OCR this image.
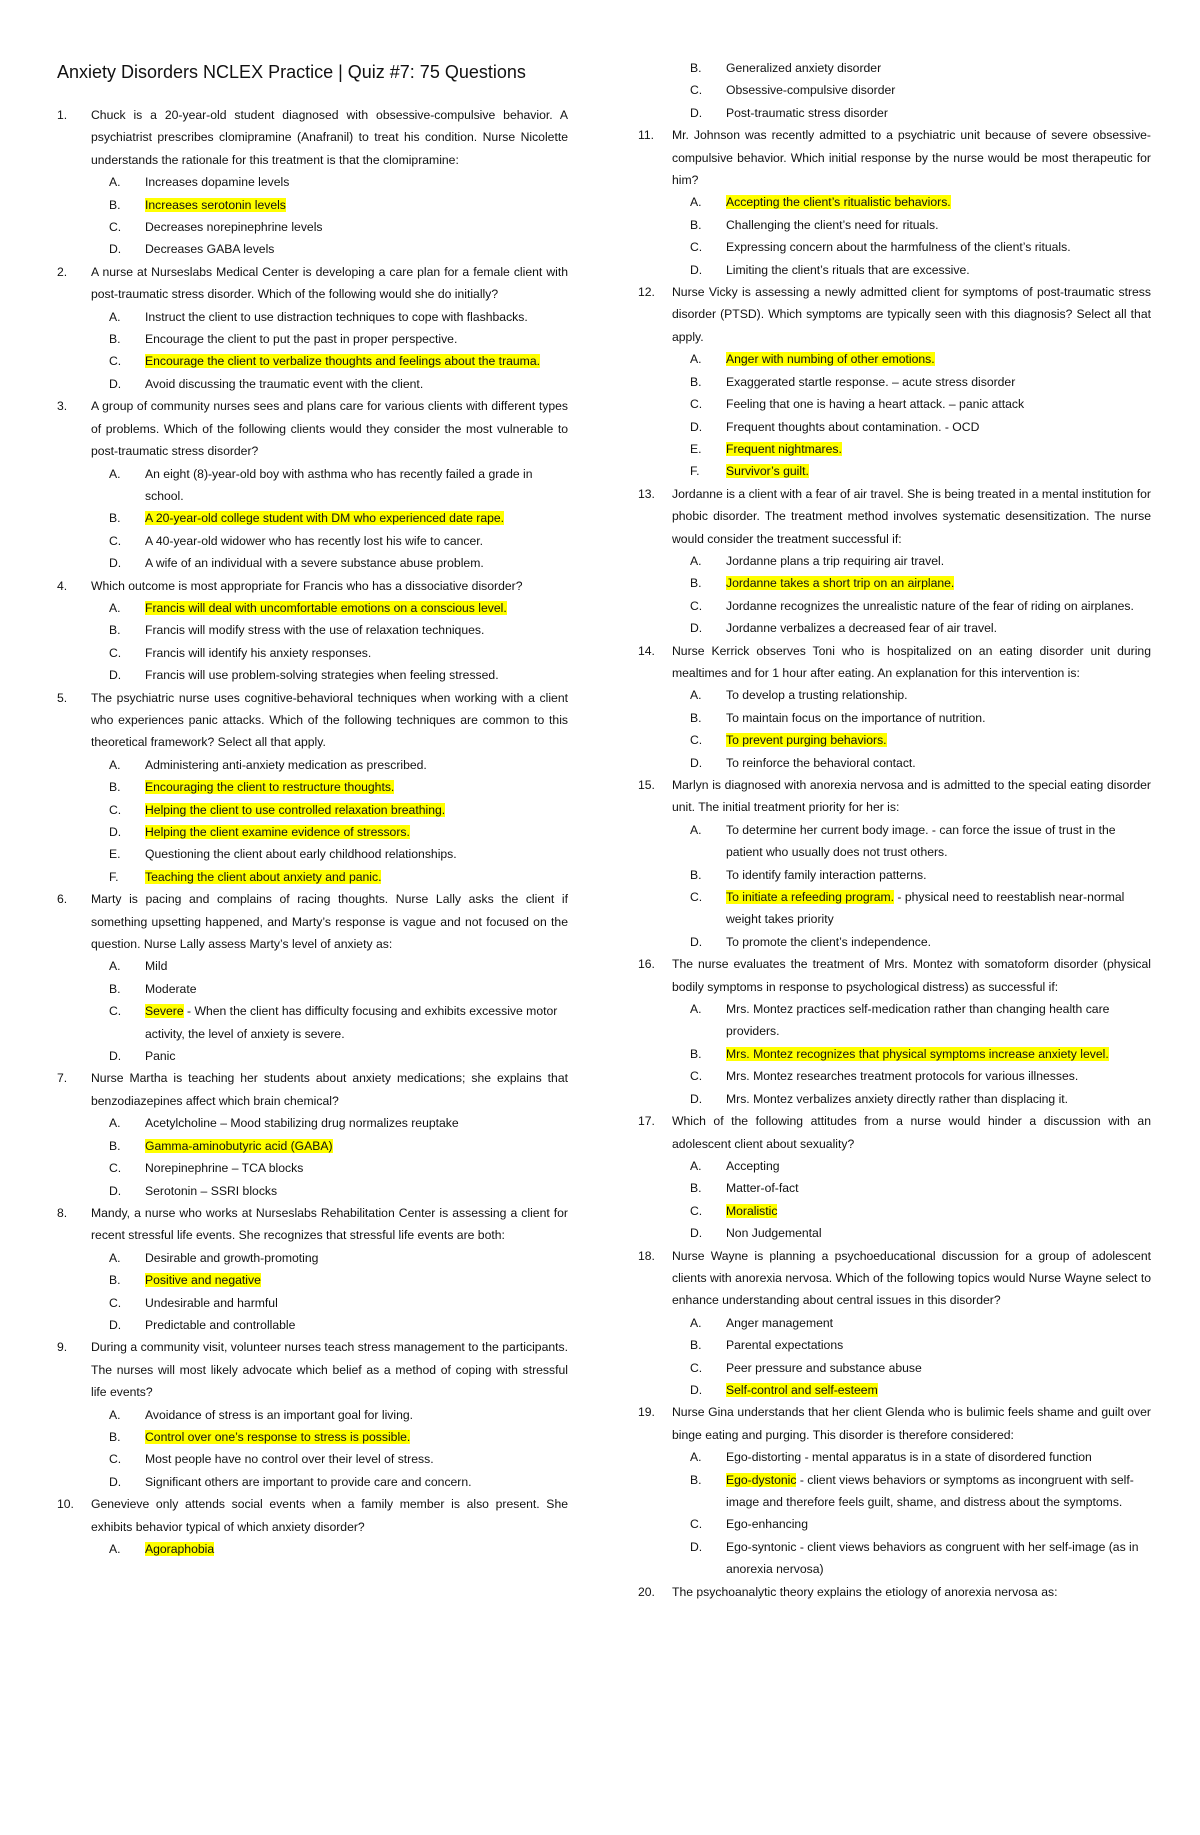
Anxiety Disorders NCLEX Practice | Quiz #7: 75 Questions
1. Chuck is a 20-year-old student diagnosed with obsessive-compulsive behavior. A psychiatrist prescribes clomipramine (Anafranil) to treat his condition. Nurse Nicolette understands the rationale for this treatment is that the clomipramine:
A. Increases dopamine levels
B. Increases serotonin levels
C. Decreases norepinephrine levels
D. Decreases GABA levels
2. A nurse at Nurseslabs Medical Center is developing a care plan for a female client with post-traumatic stress disorder. Which of the following would she do initially?
A. Instruct the client to use distraction techniques to cope with flashbacks.
B. Encourage the client to put the past in proper perspective.
C. Encourage the client to verbalize thoughts and feelings about the trauma.
D. Avoid discussing the traumatic event with the client.
3. A group of community nurses sees and plans care for various clients with different types of problems. Which of the following clients would they consider the most vulnerable to post-traumatic stress disorder?
A. An eight (8)-year-old boy with asthma who has recently failed a grade in school.
B. A 20-year-old college student with DM who experienced date rape.
C. A 40-year-old widower who has recently lost his wife to cancer.
D. A wife of an individual with a severe substance abuse problem.
4. Which outcome is most appropriate for Francis who has a dissociative disorder?
A. Francis will deal with uncomfortable emotions on a conscious level.
B. Francis will modify stress with the use of relaxation techniques.
C. Francis will identify his anxiety responses.
D. Francis will use problem-solving strategies when feeling stressed.
5. The psychiatric nurse uses cognitive-behavioral techniques when working with a client who experiences panic attacks. Which of the following techniques are common to this theoretical framework? Select all that apply.
A. Administering anti-anxiety medication as prescribed.
B. Encouraging the client to restructure thoughts.
C. Helping the client to use controlled relaxation breathing.
D. Helping the client examine evidence of stressors.
E. Questioning the client about early childhood relationships.
F. Teaching the client about anxiety and panic.
6. Marty is pacing and complains of racing thoughts. Nurse Lally asks the client if something upsetting happened, and Marty’s response is vague and not focused on the question. Nurse Lally assess Marty’s level of anxiety as:
A. Mild
B. Moderate
C. Severe - When the client has difficulty focusing and exhibits excessive motor activity, the level of anxiety is severe.
D. Panic
7. Nurse Martha is teaching her students about anxiety medications; she explains that benzodiazepines affect which brain chemical?
A. Acetylcholine – Mood stabilizing drug normalizes reuptake
B. Gamma-aminobutyric acid (GABA)
C. Norepinephrine – TCA blocks
D. Serotonin – SSRI blocks
8. Mandy, a nurse who works at Nurseslabs Rehabilitation Center is assessing a client for recent stressful life events. She recognizes that stressful life events are both:
A. Desirable and growth-promoting
B. Positive and negative
C. Undesirable and harmful
D. Predictable and controllable
9. During a community visit, volunteer nurses teach stress management to the participants. The nurses will most likely advocate which belief as a method of coping with stressful life events?
A. Avoidance of stress is an important goal for living.
B. Control over one’s response to stress is possible.
C. Most people have no control over their level of stress.
D. Significant others are important to provide care and concern.
10. Genevieve only attends social events when a family member is also present. She exhibits behavior typical of which anxiety disorder?
A. Agoraphobia
B. Generalized anxiety disorder
C. Obsessive-compulsive disorder
D. Post-traumatic stress disorder
11. Mr. Johnson was recently admitted to a psychiatric unit because of severe obsessive-compulsive behavior. Which initial response by the nurse would be most therapeutic for him?
A. Accepting the client’s ritualistic behaviors.
B. Challenging the client’s need for rituals.
C. Expressing concern about the harmfulness of the client’s rituals.
D. Limiting the client’s rituals that are excessive.
12. Nurse Vicky is assessing a newly admitted client for symptoms of post-traumatic stress disorder (PTSD). Which symptoms are typically seen with this diagnosis? Select all that apply.
A. Anger with numbing of other emotions.
B. Exaggerated startle response. – acute stress disorder
C. Feeling that one is having a heart attack. – panic attack
D. Frequent thoughts about contamination. - OCD
E. Frequent nightmares.
F. Survivor’s guilt.
13. Jordanne is a client with a fear of air travel. She is being treated in a mental institution for phobic disorder. The treatment method involves systematic desensitization. The nurse would consider the treatment successful if:
A. Jordanne plans a trip requiring air travel.
B. Jordanne takes a short trip on an airplane.
C. Jordanne recognizes the unrealistic nature of the fear of riding on airplanes.
D. Jordanne verbalizes a decreased fear of air travel.
14. Nurse Kerrick observes Toni who is hospitalized on an eating disorder unit during mealtimes and for 1 hour after eating. An explanation for this intervention is:
A. To develop a trusting relationship.
B. To maintain focus on the importance of nutrition.
C. To prevent purging behaviors.
D. To reinforce the behavioral contact.
15. Marlyn is diagnosed with anorexia nervosa and is admitted to the special eating disorder unit. The initial treatment priority for her is:
A. To determine her current body image. - can force the issue of trust in the patient who usually does not trust others.
B. To identify family interaction patterns.
C. To initiate a refeeding program. - physical need to reestablish near-normal weight takes priority
D. To promote the client’s independence.
16. The nurse evaluates the treatment of Mrs. Montez with somatoform disorder (physical bodily symptoms in response to psychological distress) as successful if:
A. Mrs. Montez practices self-medication rather than changing health care providers.
B. Mrs. Montez recognizes that physical symptoms increase anxiety level.
C. Mrs. Montez researches treatment protocols for various illnesses.
D. Mrs. Montez verbalizes anxiety directly rather than displacing it.
17. Which of the following attitudes from a nurse would hinder a discussion with an adolescent client about sexuality?
A. Accepting
B. Matter-of-fact
C. Moralistic
D. Non Judgemental
18. Nurse Wayne is planning a psychoeducational discussion for a group of adolescent clients with anorexia nervosa. Which of the following topics would Nurse Wayne select to enhance understanding about central issues in this disorder?
A. Anger management
B. Parental expectations
C. Peer pressure and substance abuse
D. Self-control and self-esteem
19. Nurse Gina understands that her client Glenda who is bulimic feels shame and guilt over binge eating and purging. This disorder is therefore considered:
A. Ego-distorting - mental apparatus is in a state of disordered function
B. Ego-dystonic - client views behaviors or symptoms as incongruent with self-image and therefore feels guilt, shame, and distress about the symptoms.
C. Ego-enhancing
D. Ego-syntonic - client views behaviors as congruent with her self-image (as in anorexia nervosa)
20. The psychoanalytic theory explains the etiology of anorexia nervosa as:
